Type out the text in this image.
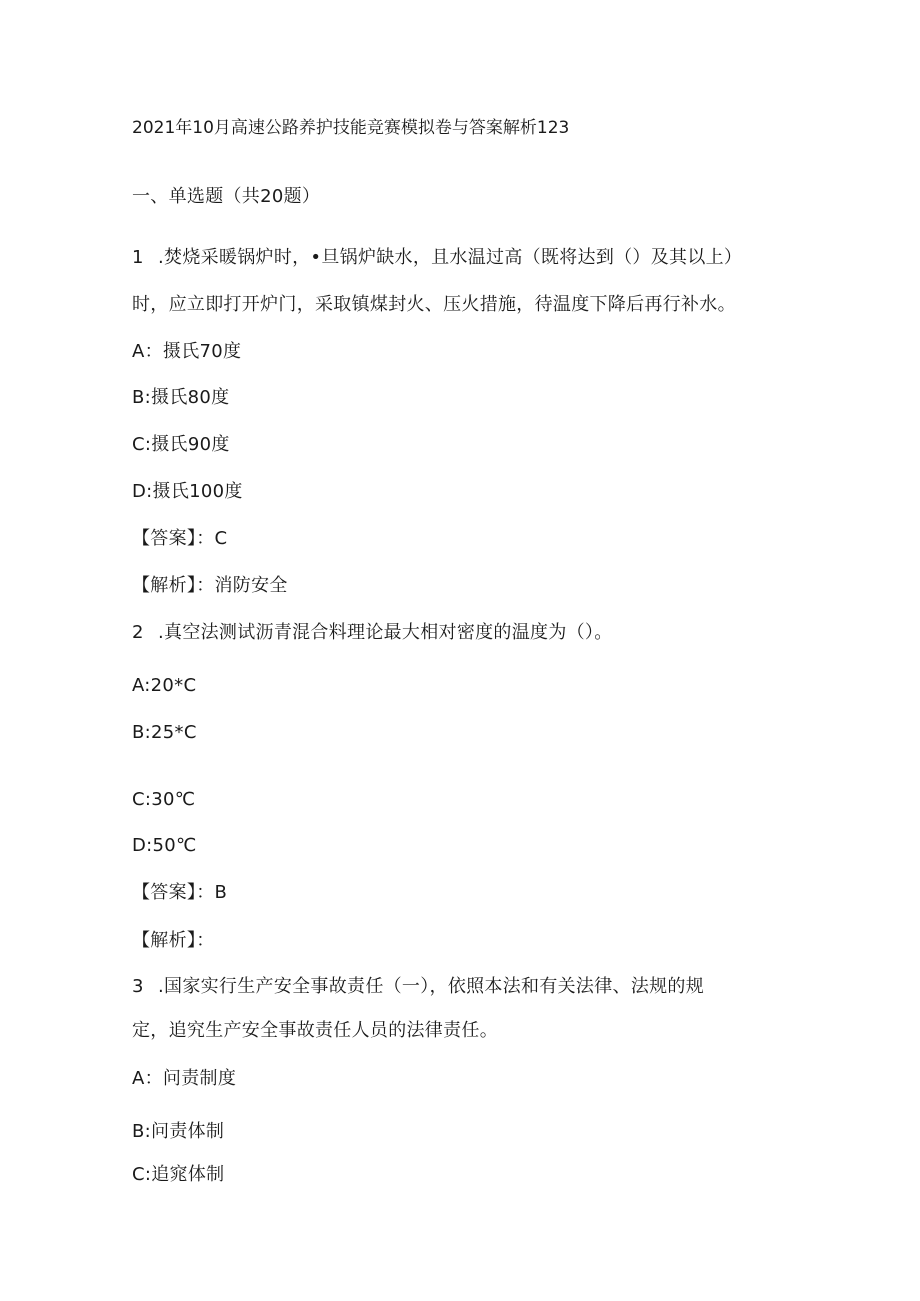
2021年10月高速公路养护技能竞赛模拟卷与答案解析123
一、单选题（共20题）
1 .焚烧采暖锅炉时，•旦锅炉缺水，且水温过高（既将达到（）及其以上）
时，应立即打开炉门，采取镇煤封火、压火措施，待温度下降后再行补水。
A：摄氏70度
B:摄氏80度
C:摄氏90度
D:摄氏100度
【答案】：C
【解析】：消防安全
2 .真空法测试沥青混合料理论最大相对密度的温度为（）。
A:20*C
B:25*C
C:30℃
D:50℃
【答案】：B
【解析】：
3 .国家实行生产安全事故责任（一），依照本法和有关法律、法规的规
定，追究生产安全事故责任人员的法律责任。
A：问责制度
B:问责体制
C:追窕体制
